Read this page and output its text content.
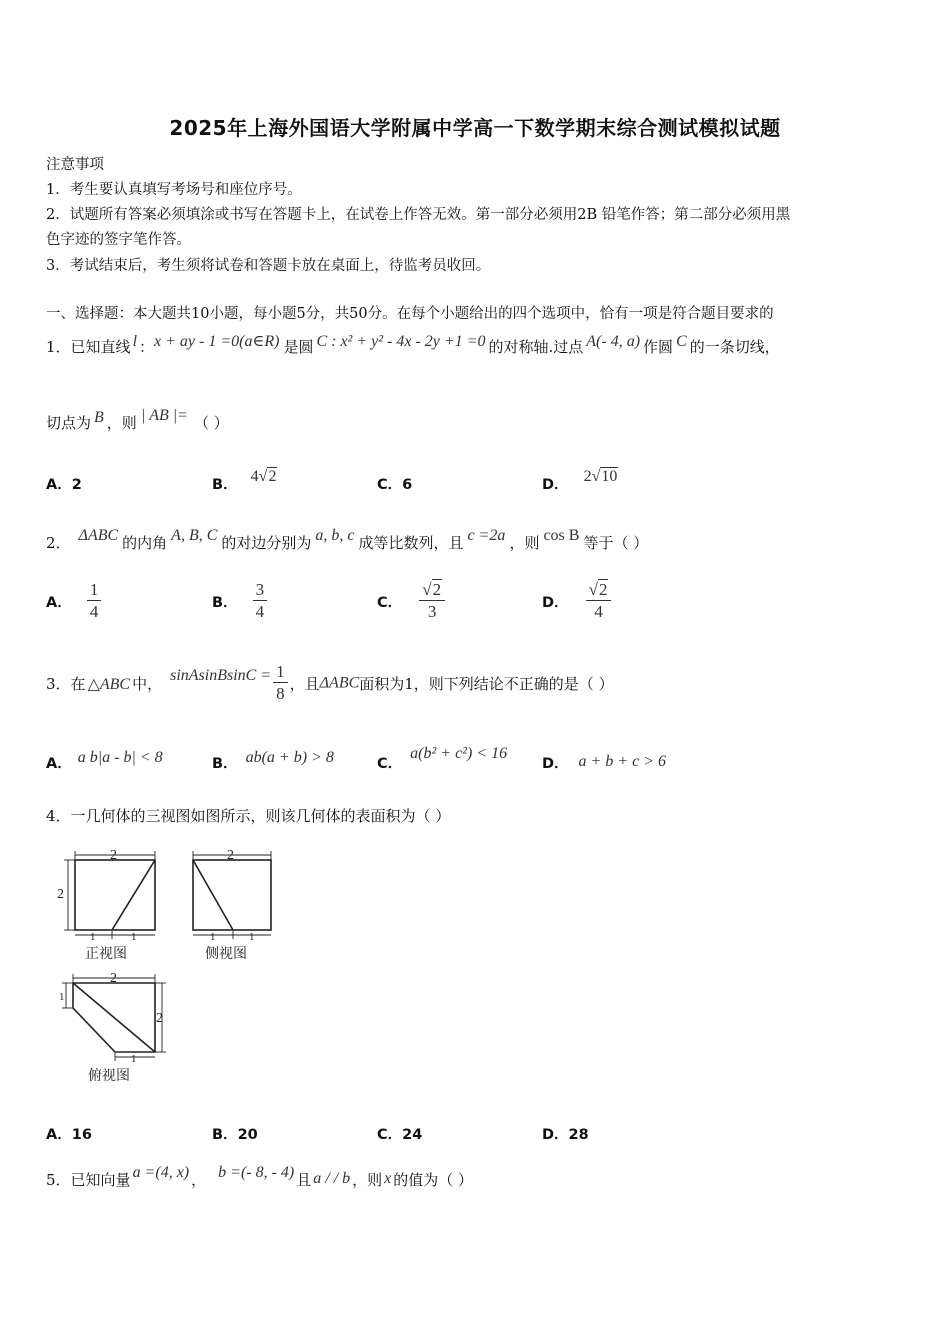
2025年上海外国语大学附属中学高一下数学期末综合测试模拟试题
注意事项
1．考生要认真填写考场号和座位序号。
2．试题所有答案必须填涂或书写在答题卡上，在试卷上作答无效。第一部分必须用2B 铅笔作答；第二部分必须用黑
色字迹的签字笔作答。
3．考试结束后，考生须将试卷和答题卡放在桌面上，待监考员收回。
一、选择题：本大题共10小题，每小题5分，共50分。在每个小题给出的四个选项中，恰有一项是符合题目要求的
1．已知直线 l ：x + ay - 1 =0(a∈R) 是圆 C : x² + y² - 4x - 2y +1 =0 的对称轴.过点 A(- 4, a) 作圆 C 的一条切线，
切点为 B ，则 | AB |= （ ）
A．2	B． 4√2	C．6	D． 2√10
2． ΔABC 的内角 A, B, C 的对边分别为 a, b, c 成等比数列，且 c =2a ，则 cos B 等于（ ）
A． $\frac{1}{4}$	B． $\frac{3}{4}$	C． $\frac{√2}{3}$	D． $\frac{√2}{4}$
3．在 △ABC 中， sinAsinBsinC = $\frac{1}{8}$ ，且ΔABC面积为1，则下列结论不正确的是（ ）
A． a b|a - b| < 8	B． ab(a + b) > 8	C．a(b² + c²) < 16
D． a + b + c > 6
4．一几何体的三视图如图所示，则该几何体的表面积为（ ）
2
2
1	1
2
1	1
2
1
2
1
正视图	侧视图
俯视图
A．16	B．20	C．24	D．28
5．已知向量 a =(4, x) ， b =(- 8, - 4) 且 a / / b ，则 x 的值为（ ）
